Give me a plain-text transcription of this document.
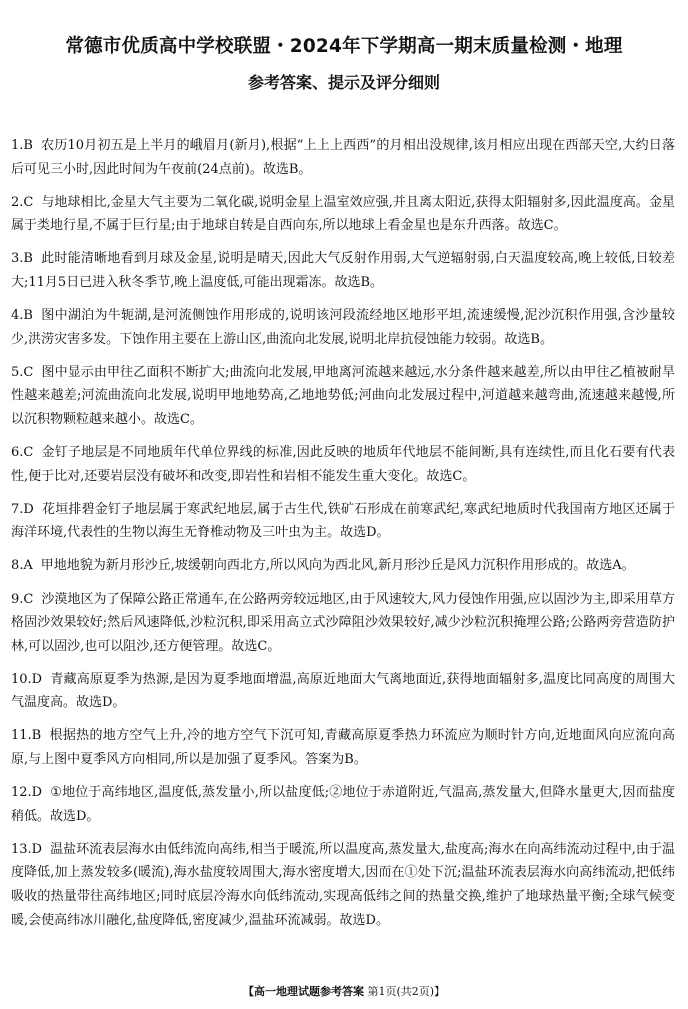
常德市优质高中学校联盟・2024年下学期高一期末质量检测・地理
参考答案、提示及评分细则
1.B 农历10月初五是上半月的峨眉月(新月),根据“上上上西西”的月相出没规律,该月相应出现在西部天空,大约日落后可见三小时,因此时间为午夜前(24点前)。故选B。
2.C 与地球相比,金星大气主要为二氧化碳,说明金星上温室效应强,并且离太阳近,获得太阳辐射多,因此温度高。金星属于类地行星,不属于巨行星;由于地球自转是自西向东,所以地球上看金星也是东升西落。故选C。
3.B 此时能清晰地看到月球及金星,说明是晴天,因此大气反射作用弱,大气逆辐射弱,白天温度较高,晚上较低,日较差大;11月5日已进入秋冬季节,晚上温度低,可能出现霜冻。故选B。
4.B 图中湖泊为牛轭湖,是河流侧蚀作用形成的,说明该河段流经地区地形平坦,流速缓慢,泥沙沉积作用强,含沙量较少,洪涝灾害多发。下蚀作用主要在上游山区,曲流向北发展,说明北岸抗侵蚀能力较弱。故选B。
5.C 图中显示由甲往乙面积不断扩大;曲流向北发展,甲地离河流越来越远,水分条件越来越差,所以由甲往乙植被耐旱性越来越差;河流曲流向北发展,说明甲地地势高,乙地地势低;河曲向北发展过程中,河道越来越弯曲,流速越来越慢,所以沉积物颗粒越来越小。故选C。
6.C 金钉子地层是不同地质年代单位界线的标准,因此反映的地质年代地层不能间断,具有连续性,而且化石要有代表性,便于比对,还要岩层没有破坏和改变,即岩性和岩相不能发生重大变化。故选C。
7.D 花垣排碧金钉子地层属于寒武纪地层,属于古生代,铁矿石形成在前寒武纪,寒武纪地质时代我国南方地区还属于海洋环境,代表性的生物以海生无脊椎动物及三叶虫为主。故选D。
8.A 甲地地貌为新月形沙丘,坡缓朝向西北方,所以风向为西北风,新月形沙丘是风力沉积作用形成的。故选A。
9.C 沙漠地区为了保障公路正常通车,在公路两旁较远地区,由于风速较大,风力侵蚀作用强,应以固沙为主,即采用草方格固沙效果较好;然后风速降低,沙粒沉积,即采用高立式沙障阻沙效果较好,减少沙粒沉积掩埋公路;公路两旁营造防护林,可以固沙,也可以阻沙,还方便管理。故选C。
10.D 青藏高原夏季为热源,是因为夏季地面增温,高原近地面大气离地面近,获得地面辐射多,温度比同高度的周围大气温度高。故选D。
11.B 根据热的地方空气上升,冷的地方空气下沉可知,青藏高原夏季热力环流应为顺时针方向,近地面风向应流向高原,与上图中夏季风方向相同,所以是加强了夏季风。答案为B。
12.D ①地位于高纬地区,温度低,蒸发量小,所以盐度低;②地位于赤道附近,气温高,蒸发量大,但降水量更大,因而盐度稍低。故选D。
13.D 温盐环流表层海水由低纬流向高纬,相当于暖流,所以温度高,蒸发量大,盐度高;海水在向高纬流动过程中,由于温度降低,加上蒸发较多(暖流),海水盐度较周围大,海水密度增大,因而在①处下沉;温盐环流表层海水向高纬流动,把低纬吸收的热量带往高纬地区;同时底层冷海水向低纬流动,实现高低纬之间的热量交换,维护了地球热量平衡;全球气候变暖,会使高纬冰川融化,盐度降低,密度减少,温盐环流减弱。故选D。
【高一地理试题参考答案 第1页(共2页)】
